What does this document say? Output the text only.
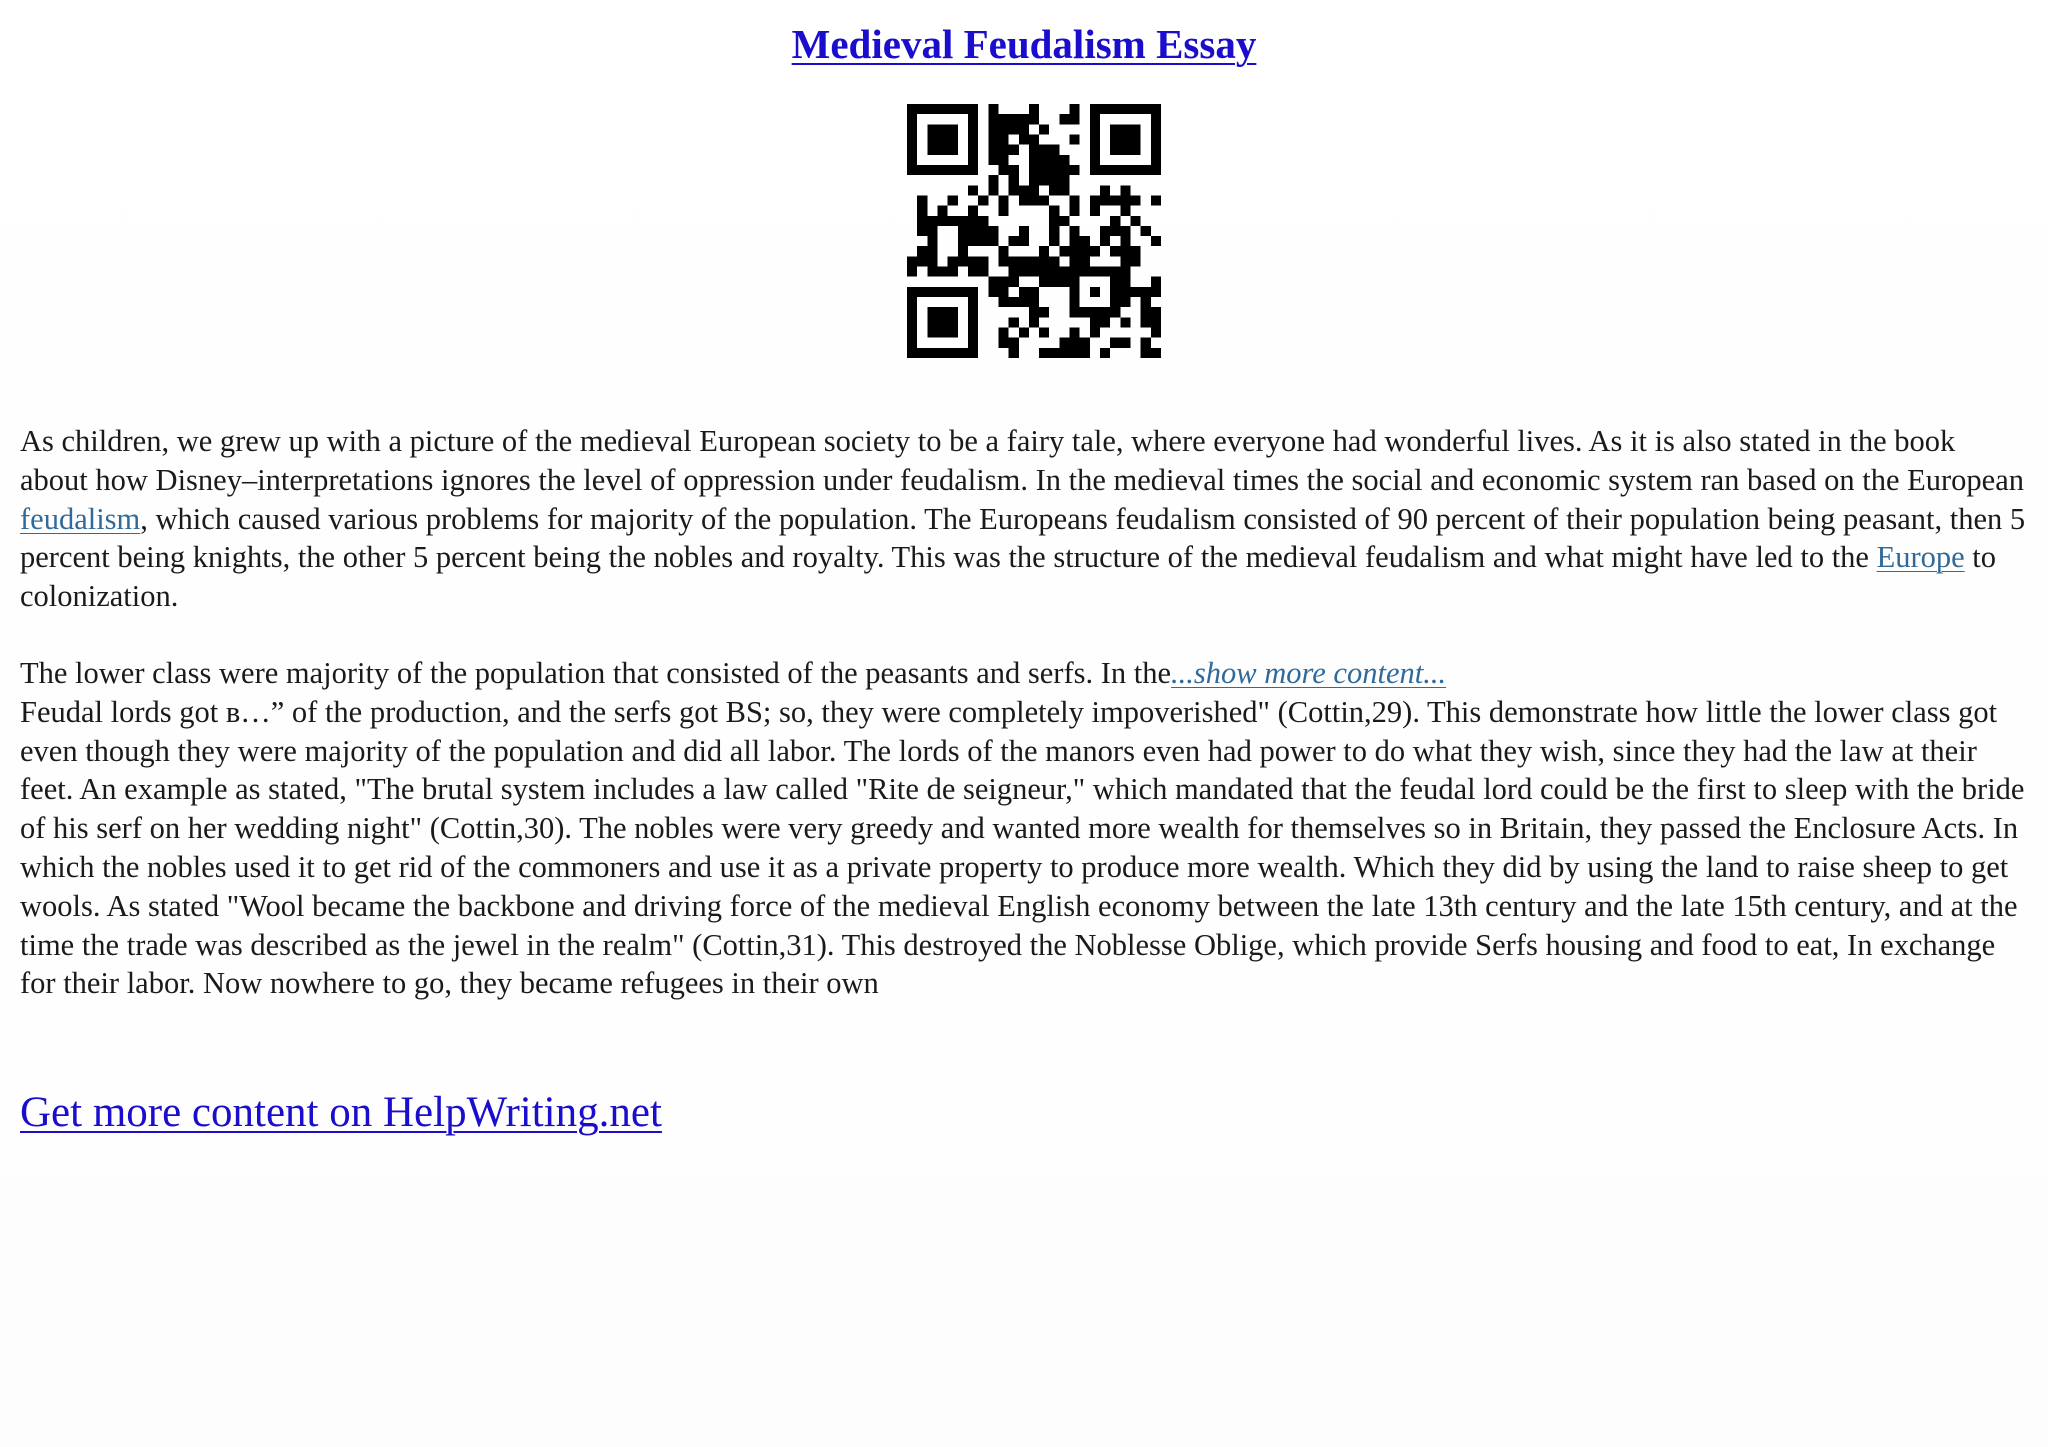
Medieval Feudalism Essay
As children, we grew up with a picture of the medieval European society to be a fairy tale, where everyone had wonderful lives. As it is also stated in the book about how Disney–interpretations ignores the level of oppression under feudalism. In the medieval times the social and economic system ran based on the European feudalism, which caused various problems for majority of the population. The Europeans feudalism consisted of 90 percent of their population being peasant, then 5 percent being knights, the other 5 percent being the nobles and royalty. This was the structure of the medieval feudalism and what might have led to the Europe to colonization.
The lower class were majority of the population that consisted of the peasants and serfs. In the...show more content...
Feudal lords got в…” of the production, and the serfs got BS; so, they were completely impoverished" (Cottin,29). This demonstrate how little the lower class got even though they were majority of the population and did all labor. The lords of the manors even had power to do what they wish, since they had the law at their feet. An example as stated, "The brutal system includes a law called "Rite de seigneur," which mandated that the feudal lord could be the first to sleep with the bride of his serf on her wedding night" (Cottin,30). The nobles were very greedy and wanted more wealth for themselves so in Britain, they passed the Enclosure Acts. In which the nobles used it to get rid of the commoners and use it as a private property to produce more wealth. Which they did by using the land to raise sheep to get wools. As stated "Wool became the backbone and driving force of the medieval English economy between the late 13th century and the late 15th century, and at the time the trade was described as the jewel in the realm" (Cottin,31). This destroyed the Noblesse Oblige, which provide Serfs housing and food to eat, In exchange for their labor. Now nowhere to go, they became refugees in their own
Get more content on HelpWriting.net
